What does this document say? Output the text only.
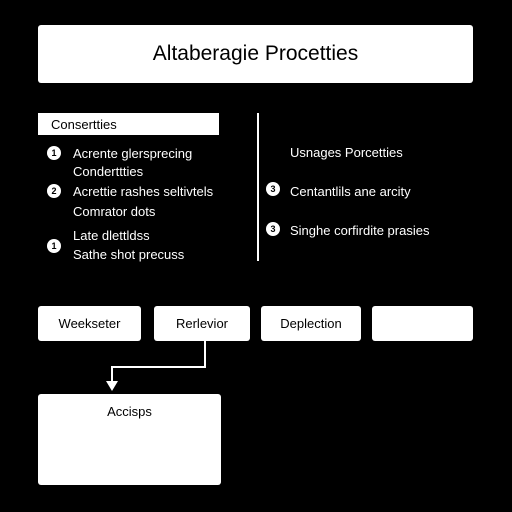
Altaberagie Procetties
Consertties
1 Acrente glersprecing
Conderttties
2 Acrettie rashes seltivtels
Comrator dots
1
Late dlettldss
Sathe shot precuss
Usnages Porcetties
3 Centantlils ane arcity
3 Singhe corfirdite prasies
Weekseter	Rerlevior	Deplection
Accisps
